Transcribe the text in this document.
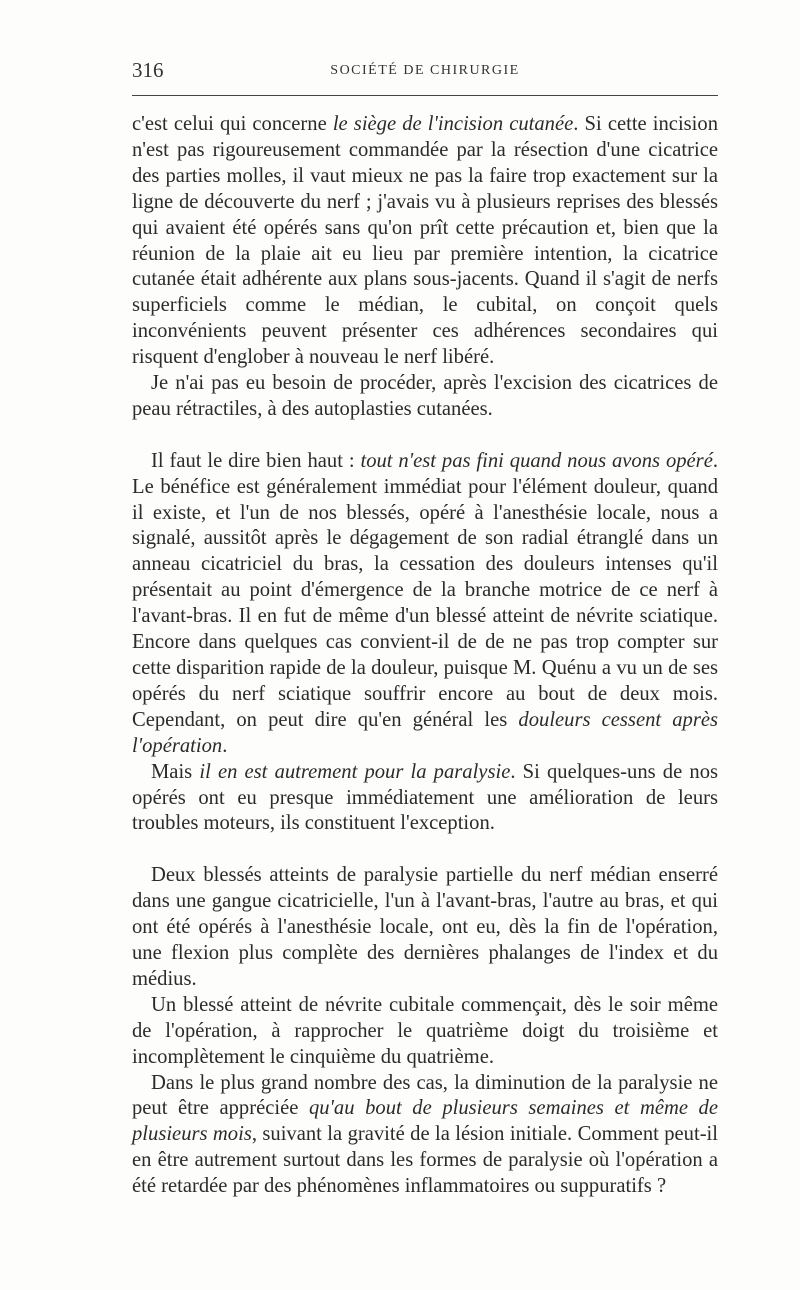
316	SOCIÉTÉ DE CHIRURGIE

c'est celui qui concerne le siège de l'incision cutanée. Si cette incision n'est pas rigoureusement commandée par la résection d'une cicatrice des parties molles, il vaut mieux ne pas la faire trop exactement sur la ligne de découverte du nerf ; j'avais vu à plusieurs reprises des blessés qui avaient été opérés sans qu'on prît cette précaution et, bien que la réunion de la plaie ait eu lieu par première intention, la cicatrice cutanée était adhérente aux plans sous-jacents. Quand il s'agit de nerfs superficiels comme le médian, le cubital, on conçoit quels inconvénients peuvent présenter ces adhérences secondaires qui risquent d'englober à nouveau le nerf libéré.

Je n'ai pas eu besoin de procéder, après l'excision des cicatrices de peau rétractiles, à des autoplasties cutanées.

Il faut le dire bien haut : tout n'est pas fini quand nous avons opéré. Le bénéfice est généralement immédiat pour l'élément douleur, quand il existe, et l'un de nos blessés, opéré à l'anesthésie locale, nous a signalé, aussitôt après le dégagement de son radial étranglé dans un anneau cicatriciel du bras, la cessation des douleurs intenses qu'il présentait au point d'émergence de la branche motrice de ce nerf à l'avant-bras. Il en fut de même d'un blessé atteint de névrite sciatique. Encore dans quelques cas convient-il de de ne pas trop compter sur cette disparition rapide de la douleur, puisque M. Quénu a vu un de ses opérés du nerf sciatique souffrir encore au bout de deux mois. Cependant, on peut dire qu'en général les douleurs cessent après l'opération.

Mais il en est autrement pour la paralysie. Si quelques-uns de nos opérés ont eu presque immédiatement une amélioration de leurs troubles moteurs, ils constituent l'exception.

Deux blessés atteints de paralysie partielle du nerf médian enserré dans une gangue cicatricielle, l'un à l'avant-bras, l'autre au bras, et qui ont été opérés à l'anesthésie locale, ont eu, dès la fin de l'opération, une flexion plus complète des dernières phalanges de l'index et du médius.

Un blessé atteint de névrite cubitale commençait, dès le soir même de l'opération, à rapprocher le quatrième doigt du troisième et incomplètement le cinquième du quatrième.

Dans le plus grand nombre des cas, la diminution de la paralysie ne peut être appréciée qu'au bout de plusieurs semaines et même de plusieurs mois, suivant la gravité de la lésion initiale. Comment peut-il en être autrement surtout dans les formes de paralysie où l'opération a été retardée par des phénomènes inflammatoires ou suppuratifs ?
